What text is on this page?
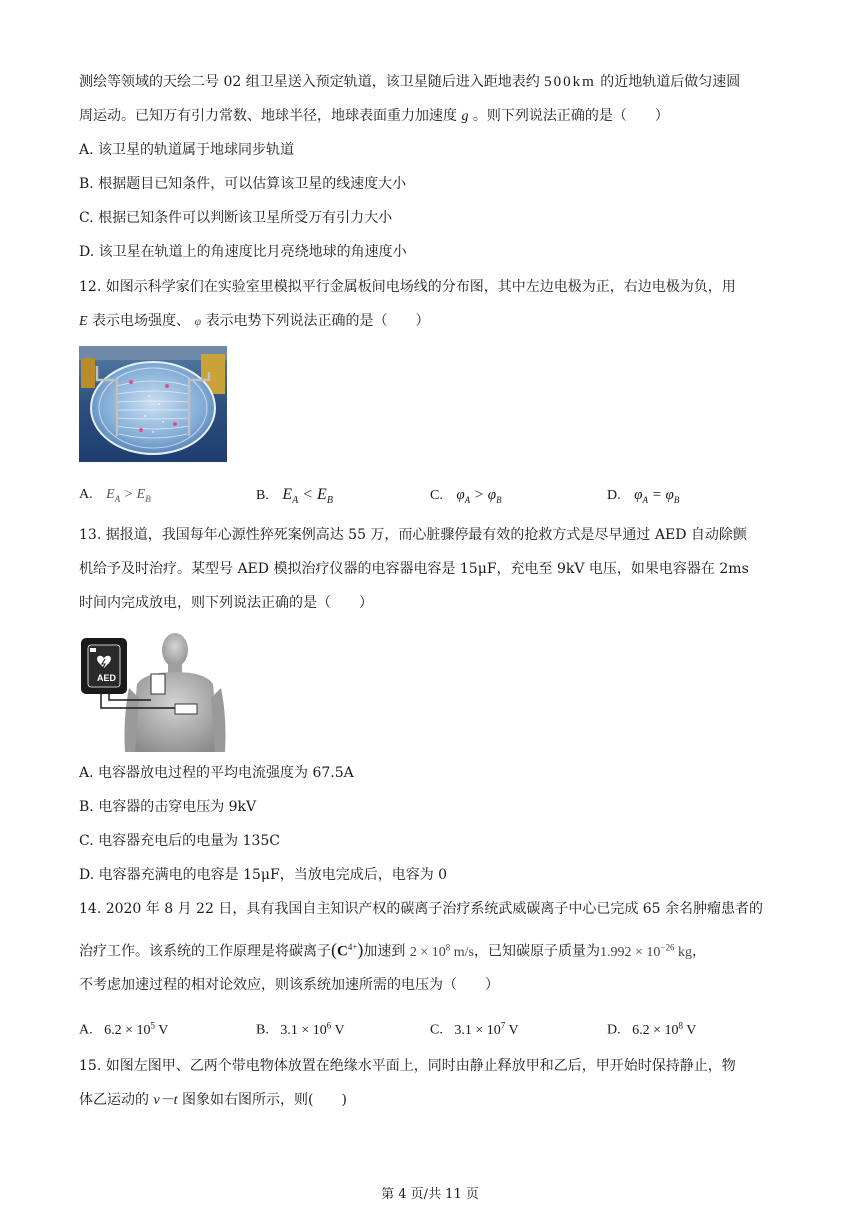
测绘等领域的天绘二号 02 组卫星送入预定轨道，该卫星随后进入距地表约 500km 的近地轨道后做匀速圆
周运动。已知万有引力常数、地球半径，地球表面重力加速度 g 。则下列说法正确的是（　　）
A. 该卫星的轨道属于地球同步轨道
B. 根据题目已知条件，可以估算该卫星的线速度大小
C. 根据已知条件可以判断该卫星所受万有引力大小
D. 该卫星在轨道上的角速度比月亮绕地球的角速度小
12. 如图示科学家们在实验室里模拟平行金属板间电场线的分布图，其中左边电极为正，右边电极为负，用
E 表示电场强度、 φ 表示电势下列说法正确的是（　　）
A. $E_A > E_B$	B. $E_A < E_B$	C. $\varphi_A > \varphi_B$	D. $\varphi_A = \varphi_B$
13. 据报道，我国每年心源性猝死案例高达 55 万，而心脏骤停最有效的抢救方式是尽早通过 AED 自动除颤
机给予及时治疗。某型号 AED 模拟治疗仪器的电容器电容是 15μF，充电至 9kV 电压，如果电容器在 2ms
时间内完成放电，则下列说法正确的是（　　）
AED
A. 电容器放电过程的平均电流强度为 67.5A
B. 电容器的击穿电压为 9kV
C. 电容器充电后的电量为 135C
D. 电容器充满电的电容是 15μF，当放电完成后，电容为 0
14. 2020 年 8 月 22 日，具有我国自主知识产权的碳离子治疗系统武威碳离子中心已完成 65 余名肿瘤患者的
治疗工作。该系统的工作原理是将碳离子$(C^{4+})$加速到 $2 \times 10^8$ m/s，已知碳原子质量为$1.992 \times 10^{-26}$ kg，
不考虑加速过程的相对论效应，则该系统加速所需的电压为（　　）
A. $6.2 \times 10^5$ V	B. $3.1 \times 10^6$ V	C. $3.1 \times 10^7$ V	D. $6.2 \times 10^8$ V
15. 如图左图甲、乙两个带电物体放置在绝缘水平面上，同时由静止释放甲和乙后，甲开始时保持静止，物
体乙运动的 v－t 图象如右图所示，则(　　)
第 4 页/共 11 页
